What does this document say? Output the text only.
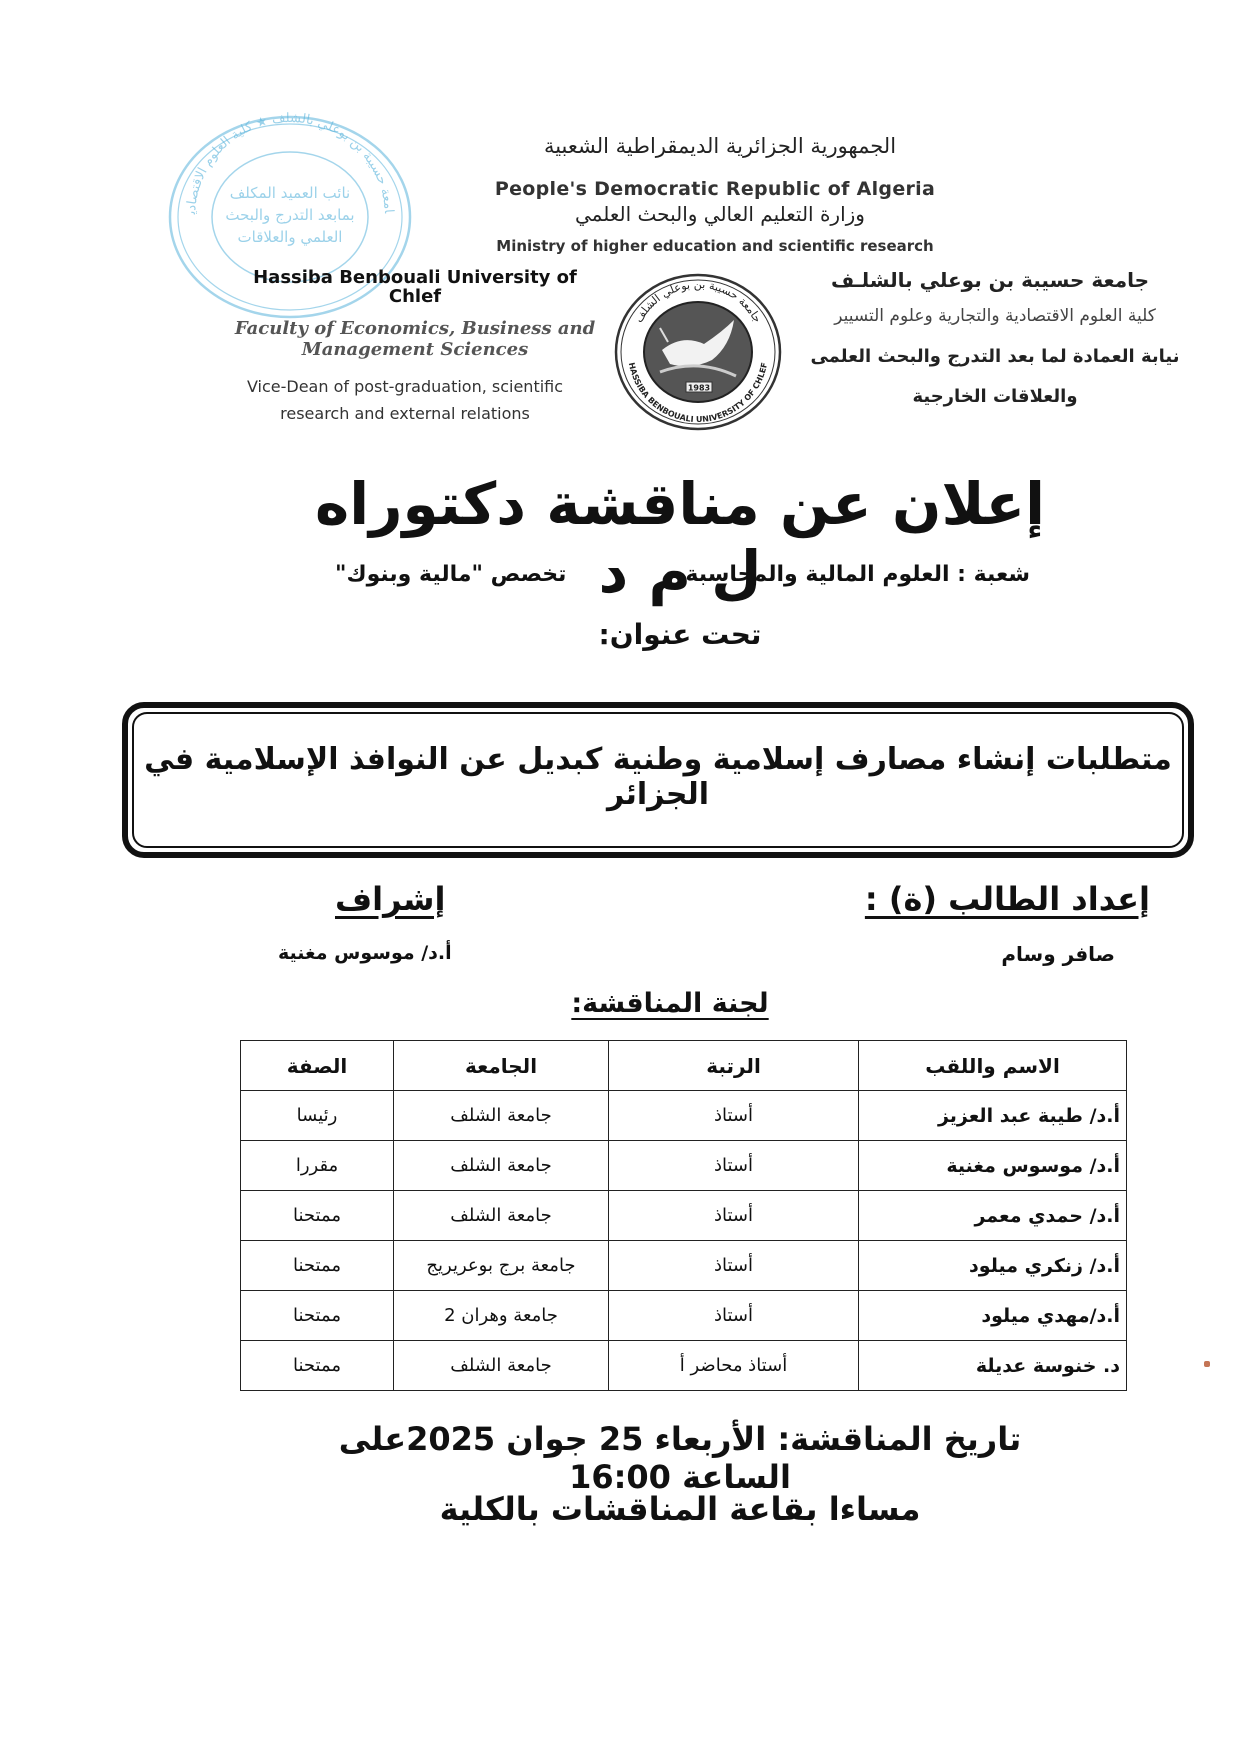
امعة حسيبة بن بوعلي بالشلف ★ كلية العلوم الاقتصادية
نائب العميد المكلف
بمابعد التدرج والبحث
العلمي والعلاقات
الجمهورية الجزائرية الديمقراطية الشعبية
People's Democratic Republic of Algeria
وزارة التعليم العالي والبحث العلمي
Ministry of higher education and scientific research
Hassiba Benbouali University of
Chlef
Faculty of Economics, Business and
Management Sciences
Vice-Dean of post-graduation, scientific
research and external relations
جامعة حسيبة بن بوعلي بالشلـف
كلية العلوم الاقتصادية والتجارية وعلوم التسيير
نيابة العمادة لما بعد التدرج والبحث العلمى
والعلاقات الخارجية
1983
جامعة حسيبة بن بوعلي الشلف
HASSIBA BENBOUALI UNIVERSITY OF CHLEF
إعلان عن مناقشة دكتوراه ل م د
شعبة : العلوم المالية والمحاسبة،
تخصص "مالية وبنوك"
تحت عنوان:
متطلبات إنشاء مصارف إسلامية وطنية كبديل عن النوافذ الإسلامية في الجزائر
إعداد الطالب (ة) :
صافر وسام
إشراف
أ.د/ موسوس مغنية
لجنة المناقشة:
الاسم واللقب	الرتبة	الجامعة	الصفة
أ.د/ طيبة عبد العزيز	أستاذ	جامعة الشلف	رئيسا
أ.د/ موسوس مغنية	أستاذ	جامعة الشلف	مقررا
أ.د/ حمدي معمر	أستاذ	جامعة الشلف	ممتحنا
أ.د/ زنكري ميلود	أستاذ	جامعة برج بوعريريج	ممتحنا
أ.د/مهدي ميلود	أستاذ	جامعة وهران 2	ممتحنا
د. خنوسة عديلة	أستاذ محاضر أ	جامعة الشلف	ممتحنا
تاريخ المناقشة: الأربعاء 25 جوان 2025على الساعة 16:00
مساءا بقاعة المناقشات بالكلية
